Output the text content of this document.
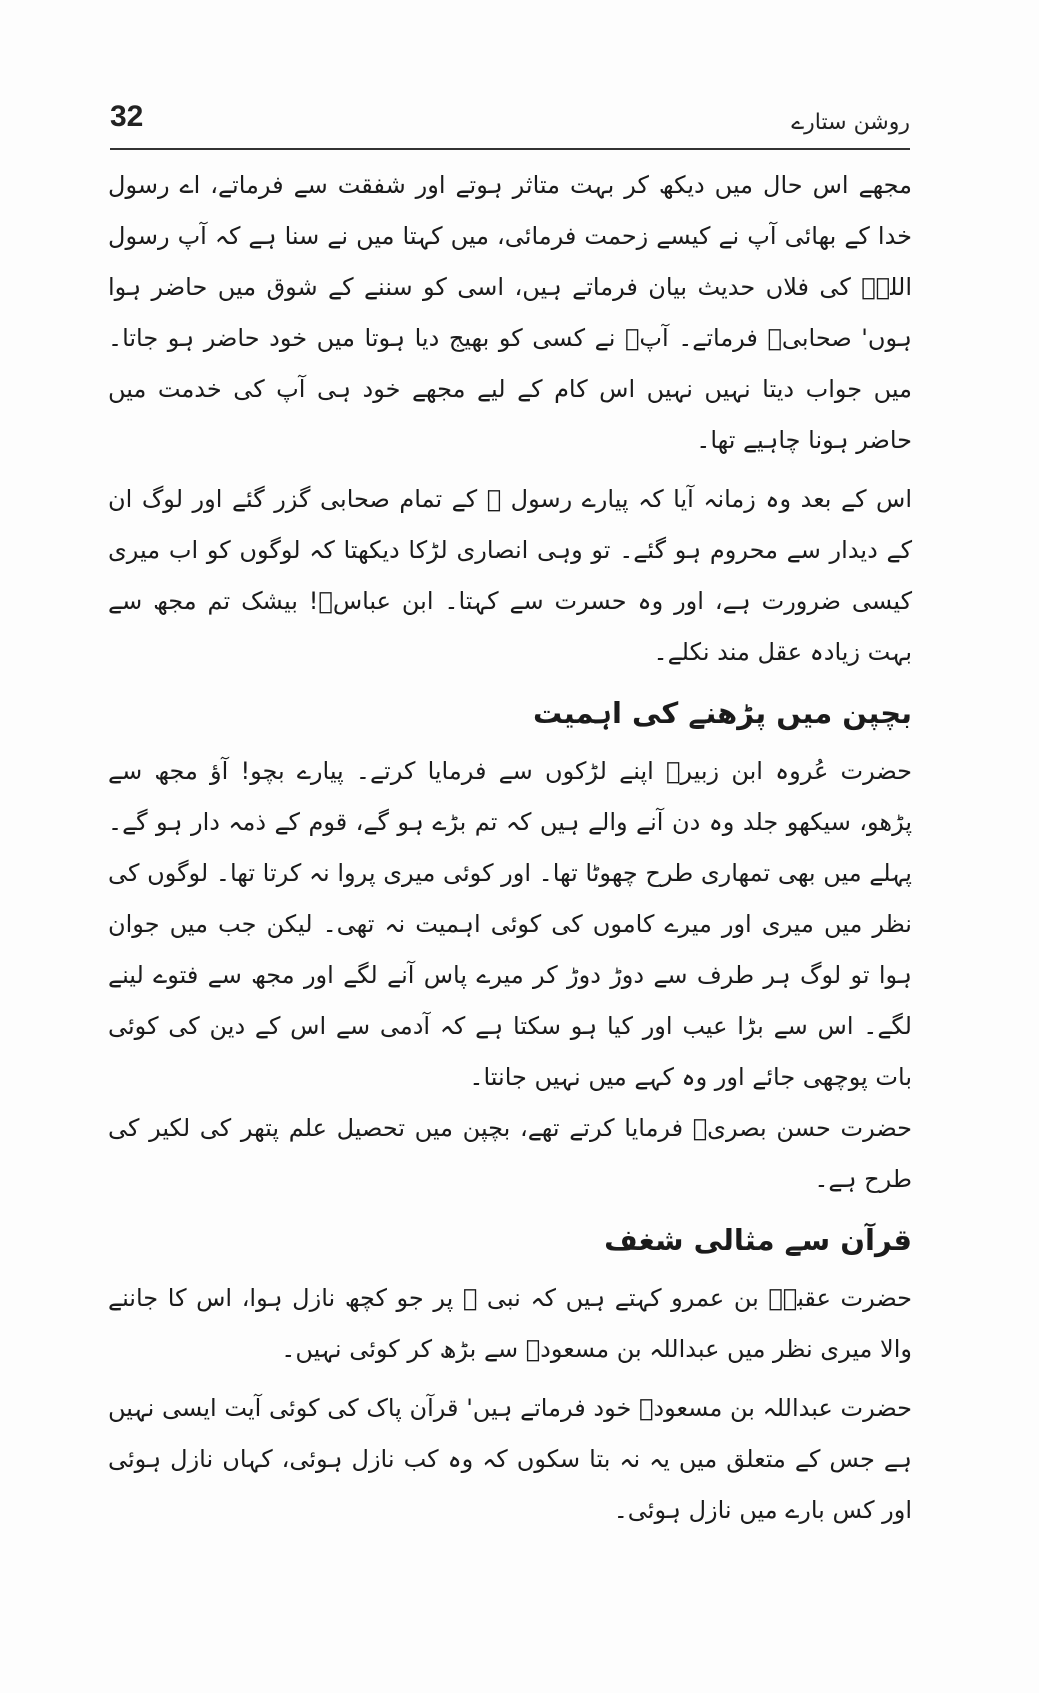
32	روشن ستارے

مجھے اس حال میں دیکھ کر بہت متاثر ہوتے اور شفقت سے فرماتے، اے رسول خدا کے بھائی آپ نے کیسے زحمت فرمائی، میں کہتا میں نے سنا ہے کہ آپ رسول اللہؐ کی فلاں حدیث بیان فرماتے ہیں، اسی کو سننے کے شوق میں حاضر ہوا ہوں' صحابیؓ فرماتے۔ آپؓ نے کسی کو بھیج دیا ہوتا میں خود حاضر ہو جاتا۔ میں جواب دیتا نہیں نہیں اس کام کے لیے مجھے خود ہی آپ کی خدمت میں حاضر ہونا چاہیے تھا۔

اس کے بعد وہ زمانہ آیا کہ پیارے رسول ﷺ کے تمام صحابی گزر گئے اور لوگ ان کے دیدار سے محروم ہو گئے۔ تو وہی انصاری لڑکا دیکھتا کہ لوگوں کو اب میری کیسی ضرورت ہے، اور وہ حسرت سے کہتا۔ ابن عباسؓ! بیشک تم مجھ سے بہت زیادہ عقل مند نکلے۔

بچپن میں پڑھنے کی اہمیت

حضرت عُروہ ابن زبیرؓ اپنے لڑکوں سے فرمایا کرتے۔ پیارے بچو! آؤ مجھ سے پڑھو، سیکھو جلد وہ دن آنے والے ہیں کہ تم بڑے ہو گے، قوم کے ذمہ دار ہو گے۔ پہلے میں بھی تمھاری طرح چھوٹا تھا۔ اور کوئی میری پروا نہ کرتا تھا۔ لوگوں کی نظر میں میری اور میرے کاموں کی کوئی اہمیت نہ تھی۔ لیکن جب میں جوان ہوا تو لوگ ہر طرف سے دوڑ دوڑ کر میرے پاس آنے لگے اور مجھ سے فتوے لینے لگے۔ اس سے بڑا عیب اور کیا ہو سکتا ہے کہ آدمی سے اس کے دین کی کوئی بات پوچھی جائے اور وہ کہے میں نہیں جانتا۔

حضرت حسن بصریؒ فرمایا کرتے تھے، بچپن میں تحصیل علم پتھر کی لکیر کی طرح ہے۔

قرآن سے مثالی شغف

حضرت عقبہؓ بن عمرو کہتے ہیں کہ نبی ﷺ پر جو کچھ نازل ہوا، اس کا جاننے والا میری نظر میں عبداللہ بن مسعودؓ سے بڑھ کر کوئی نہیں۔

حضرت عبداللہ بن مسعودؓ خود فرماتے ہیں' قرآن پاک کی کوئی آیت ایسی نہیں ہے جس کے متعلق میں یہ نہ بتا سکوں کہ وہ کب نازل ہوئی، کہاں نازل ہوئی اور کس بارے میں نازل ہوئی۔
